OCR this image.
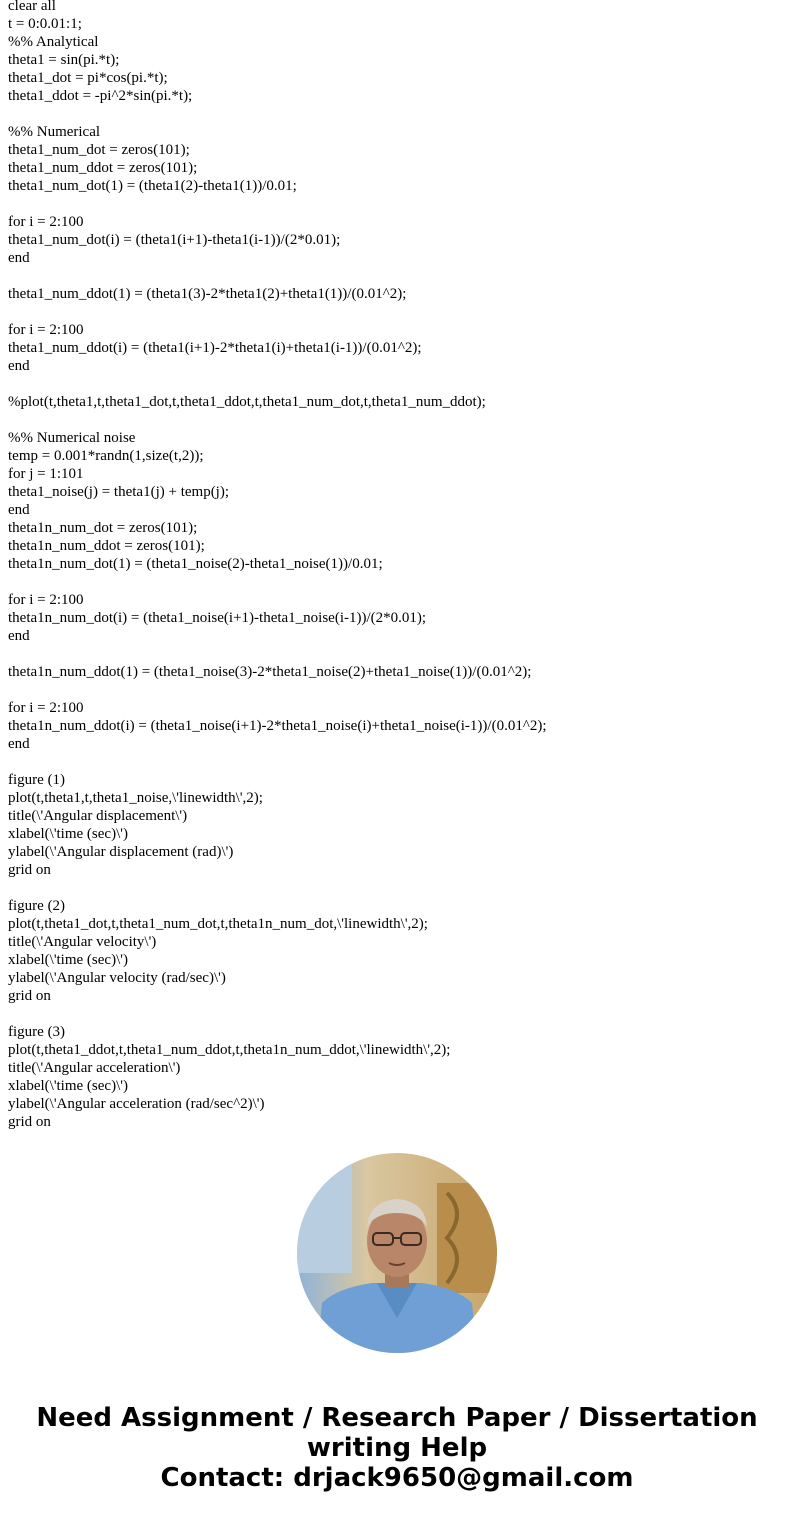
clear all
t = 0:0.01:1;
%% Analytical
theta1 = sin(pi.*t);
theta1_dot = pi*cos(pi.*t);
theta1_ddot = -pi^2*sin(pi.*t);
%% Numerical
theta1_num_dot = zeros(101);
theta1_num_ddot = zeros(101);
theta1_num_dot(1) = (theta1(2)-theta1(1))/0.01;
for i = 2:100
theta1_num_dot(i) = (theta1(i+1)-theta1(i-1))/(2*0.01);
end
theta1_num_ddot(1) = (theta1(3)-2*theta1(2)+theta1(1))/(0.01^2);
for i = 2:100
theta1_num_ddot(i) = (theta1(i+1)-2*theta1(i)+theta1(i-1))/(0.01^2);
end
%plot(t,theta1,t,theta1_dot,t,theta1_ddot,t,theta1_num_dot,t,theta1_num_ddot);
%% Numerical noise
temp = 0.001*randn(1,size(t,2));
for j = 1:101
theta1_noise(j) = theta1(j) + temp(j);
end
theta1n_num_dot = zeros(101);
theta1n_num_ddot = zeros(101);
theta1n_num_dot(1) = (theta1_noise(2)-theta1_noise(1))/0.01;
for i = 2:100
theta1n_num_dot(i) = (theta1_noise(i+1)-theta1_noise(i-1))/(2*0.01);
end
theta1n_num_ddot(1) = (theta1_noise(3)-2*theta1_noise(2)+theta1_noise(1))/(0.01^2);
for i = 2:100
theta1n_num_ddot(i) = (theta1_noise(i+1)-2*theta1_noise(i)+theta1_noise(i-1))/(0.01^2);
end
figure (1)
plot(t,theta1,t,theta1_noise,\'linewidth\',2);
title(\'Angular displacement\')
xlabel(\'time (sec)\')
ylabel(\'Angular displacement (rad)\')
grid on
figure (2)
plot(t,theta1_dot,t,theta1_num_dot,t,theta1n_num_dot,\'linewidth\',2);
title(\'Angular velocity\')
xlabel(\'time (sec)\')
ylabel(\'Angular velocity (rad/sec)\')
grid on
figure (3)
plot(t,theta1_ddot,t,theta1_num_ddot,t,theta1n_num_ddot,\'linewidth\',2);
title(\'Angular acceleration\')
xlabel(\'time (sec)\')
ylabel(\'Angular acceleration (rad/sec^2)\')
grid on
Need Assignment / Research Paper / Dissertation
writing Help
Contact: drjack9650@gmail.com
